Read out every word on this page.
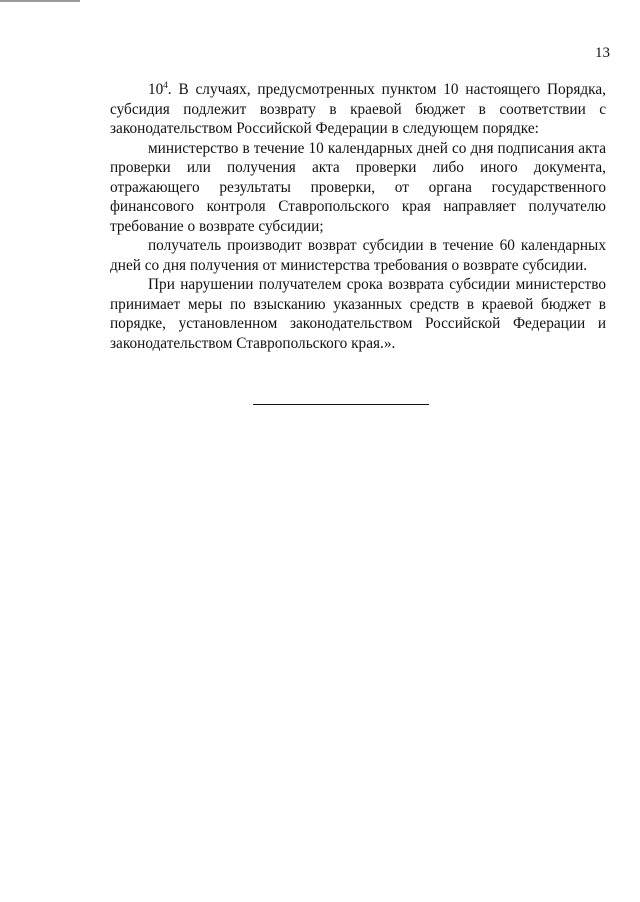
13

$10^4$. В случаях, предусмотренных пунктом 10 настоящего Порядка, субсидия подлежит возврату в краевой бюджет в соответствии с законодательством Российской Федерации в следующем порядке:

министерство в течение 10 календарных дней со дня подписания акта проверки или получения акта проверки либо иного документа, отражающего результаты проверки, от органа государственного финансового контроля Ставропольского края направляет получателю требование о возврате субсидии;

получатель производит возврат субсидии в течение 60 календарных дней со дня получения от министерства требования о возврате субсидии.

При нарушении получателем срока возврата субсидии министерство принимает меры по взысканию указанных средств в краевой бюджет в порядке, установленном законодательством Российской Федерации и законодательством Ставропольского края.».
